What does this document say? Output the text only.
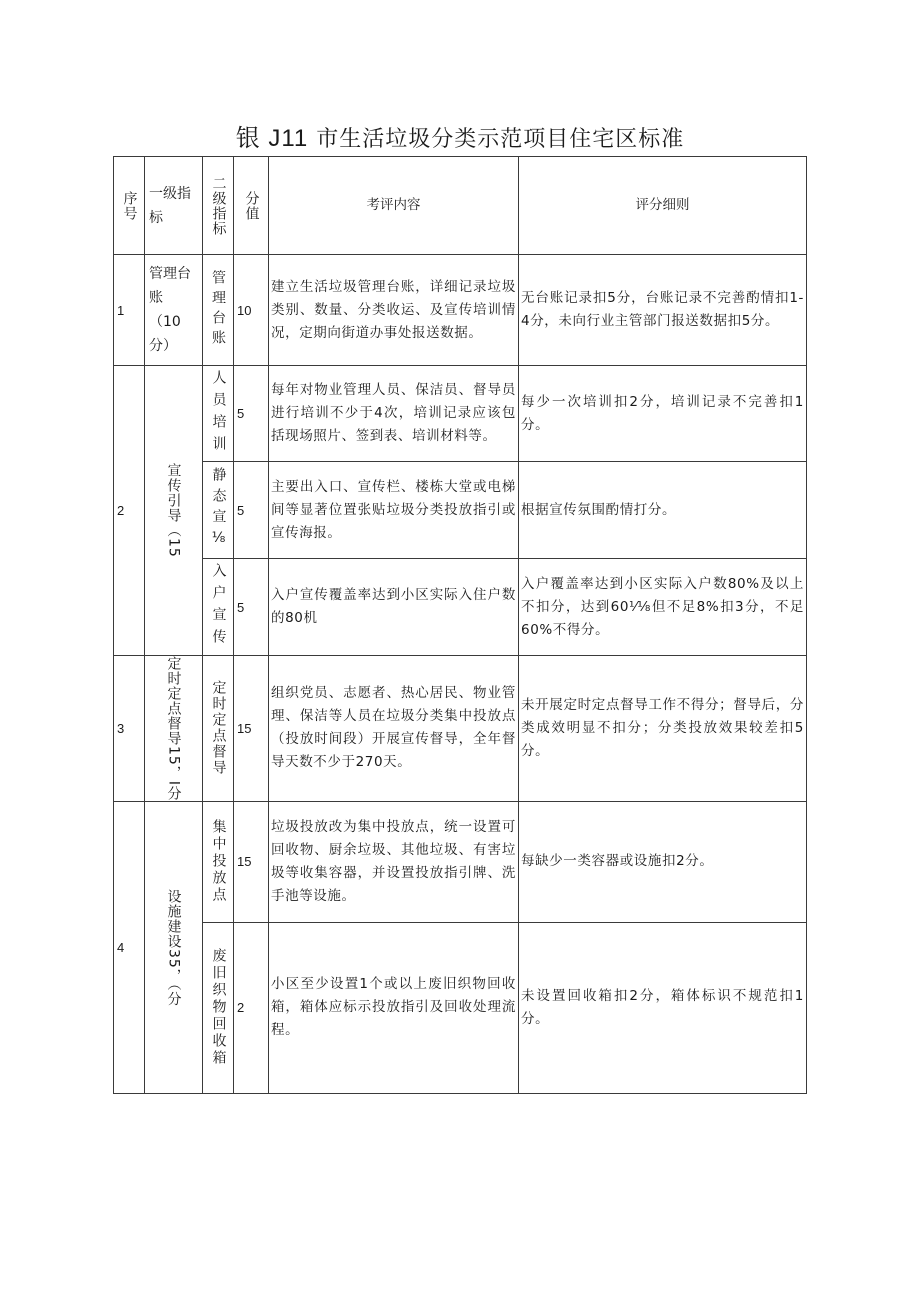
银 J11 市生活垃圾分类示范项目住宅区标准
序号	一级指标	二级指标	分值	考评内容	评分细则
1	管理台账 （10分）	管理台账	10	建立生活垃圾管理台账，详细记录垃圾类别、数量、分类收运、及宣传培训情况，定期向街道办事处报送数据。	无台账记录扣5分，台账记录不完善酌情扣1-4分，未向行业主管部门报送数据扣5分。
2	宣传引导（15	人员培训	5	每年对物业管理人员、保洁员、督导员进行培训不少于4次，培训记录应该包括现场照片、签到表、培训材料等。	每少一次培训扣2分，培训记录不完善扣1分。

		静态宣⅛	5	主要出入口、宣传栏、楼栋大堂或电梯间等显著位置张贴垃圾分类投放指引或宣传海报。	根据宣传氛围酌情打分。

		入户宣传	5	入户宣传覆盖率达到小区实际入住户数的80机	入户覆盖率达到小区实际入户数80%及以上不扣分，达到60⅟⅛但不足8%扣3分，不足60%不得分。
3	定时定点督导15，I分	定时定点督导	15	组织党员、志愿者、热心居民、物业管理、保洁等人员在垃圾分类集中投放点（投放时间段）开展宣传督导，全年督导天数不少于270天。	未开展定时定点督导工作不得分；督导后，分类成效明显不扣分；分类投放效果较差扣5分。
4	设施建设35，（分	集中投放点	15	垃圾投放改为集中投放点，统一设置可回收物、厨余垃圾、其他垃圾、有害垃圾等收集容器，并设置投放指引牌、洗手池等设施。	每缺少一类容器或设施扣2分。

		废旧织物回收箱	2	小区至少设置1个或以上废旧织物回收箱，箱体应标示投放指引及回收处理流程。	未设置回收箱扣2分，箱体标识不规范扣1分。
